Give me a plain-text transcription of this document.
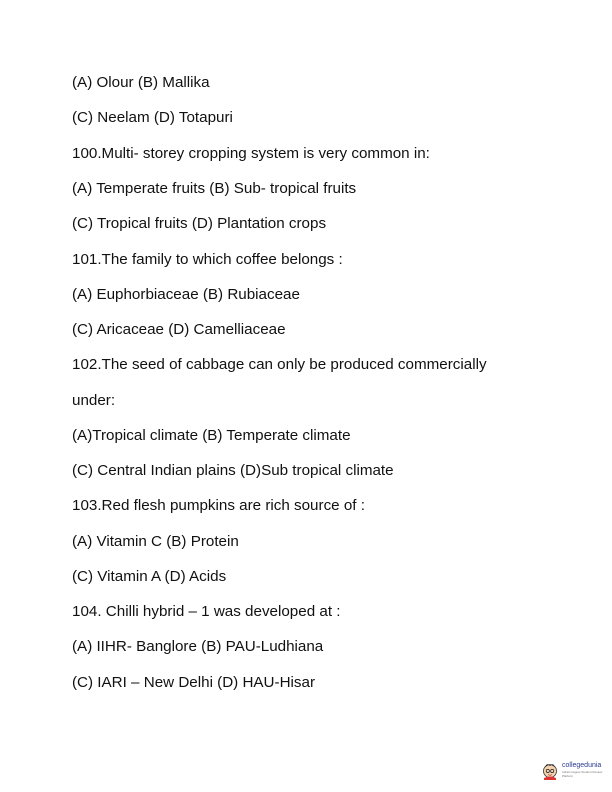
(A) Olour (B) Mallika
(C) Neelam (D) Totapuri
100.Multi- storey cropping system is very common in:
(A) Temperate fruits (B) Sub- tropical fruits
(C) Tropical fruits (D) Plantation crops
101.The family to which coffee belongs :
(A) Euphorbiaceae (B) Rubiaceae
(C) Aricaceae (D) Camelliaceae
102.The seed of cabbage can only be produced commercially
under:
(A)Tropical climate (B) Temperate climate
(C) Central Indian plains (D)Sub tropical climate
103.Red flesh pumpkins are rich source of :
(A) Vitamin C (B) Protein
(C) Vitamin A (D) Acids
104. Chilli hybrid – 1 was developed at :
(A) IIHR- Banglore (B) PAU-Ludhiana
(C) IARI – New Delhi (D) HAU-Hisar
collegedunia
India's largest Student Review Platform
